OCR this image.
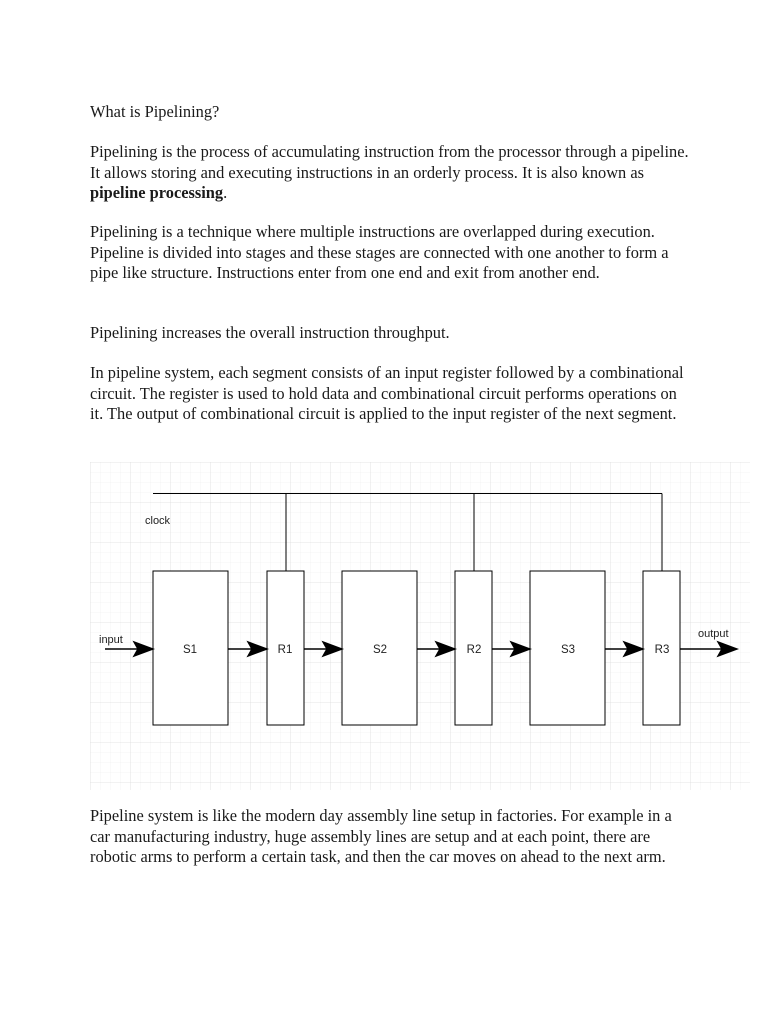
What is Pipelining?

Pipelining is the process of accumulating instruction from the processor through a pipeline. It allows storing and executing instructions in an orderly process. It is also known as pipeline processing.

Pipelining is a technique where multiple instructions are overlapped during execution. Pipeline is divided into stages and these stages are connected with one another to form a pipe like structure. Instructions enter from one end and exit from another end.

Pipelining increases the overall instruction throughput.

In pipeline system, each segment consists of an input register followed by a combinational circuit. The register is used to hold data and combinational circuit performs operations on it. The output of combinational circuit is applied to the input register of the next segment.

clock
S1	R1	S2	R2	S3	R3
input	output

Pipeline system is like the modern day assembly line setup in factories. For example in a car manufacturing industry, huge assembly lines are setup and at each point, there are robotic arms to perform a certain task, and then the car moves on ahead to the next arm.
